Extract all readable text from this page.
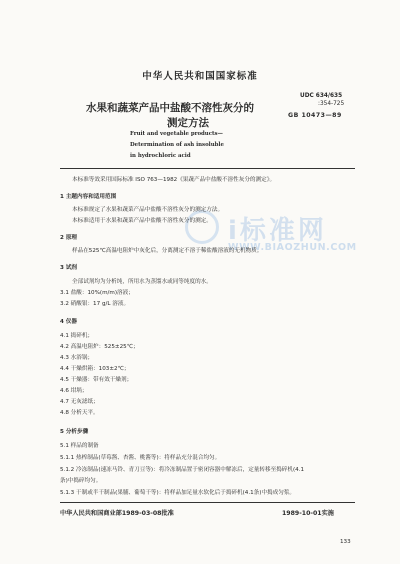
中华人民共和国国家标准
UDC 634/635
:354-725
GB 10473—89
水果和蔬菜产品中盐酸不溶性灰分的
测定方法
Fruit and vegetable products—
Determination of ash insoluble
in hydrochloric acid
i标准网
WWW.BIAOZHUN.COM
本标准等效采用国际标准 ISO 763—1982《果蔬产品中盐酸不溶性灰分的测定》。
1 主题内容和适用范围
本标准规定了水果和蔬菜产品中盐酸不溶性灰分的测定方法。
本标准适用于水果和蔬菜产品中盐酸不溶性灰分的测定。
2 原理
样品在525℃高温电阻炉中灰化后，分离测定不溶于稀盐酸溶液的无机物质。
3 试剂
全部试剂均为分析纯，所用水为蒸馏水或同等纯度的水。
3.1 盐酸：10%(m/m)溶液；
3.2 硝酸银：17 g/L 溶液。
4 仪器
4.1 捣碎机；
4.2 高温电阻炉：525±25℃；
4.3 水浴锅；
4.4 干燥烘箱：103±2℃；
4.5 干燥器：带有效干燥剂；
4.6 坩埚；
4.7 无灰滤纸；
4.8 分析天平。
5 分析步骤
5.1 样品的制备
5.1.1 热榨制品(草莓酱、杏酱、桃酱等)：将样品充分混合均匀。
5.1.2 冷冻制品(速冻马铃、青刀豆等)：将冷冻制品置于密闭容器中解冻后，定量转移至捣碎机(4.1
条)中捣碎均匀。
5.1.3 干制或半干制品(果脯、葡萄干等)：将样品加足量水软化后于捣碎机(4.1条)中捣成匀浆。
中华人民共和国商业部1989-03-08批准	1989-10-01实施
133
